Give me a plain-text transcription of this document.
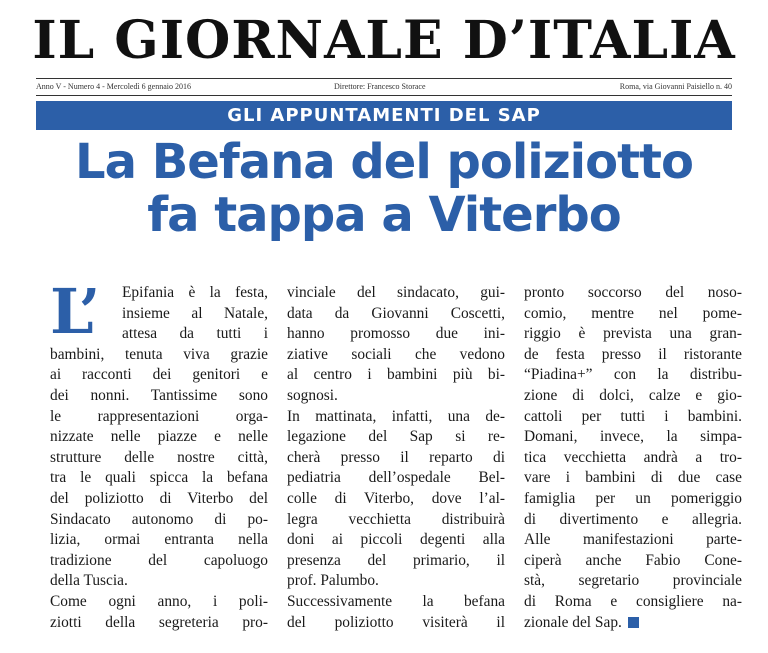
IL GIORNALE D’ITALIA
Anno V - Numero 4 - Mercoledì 6 gennaio 2016	Direttore: Francesco Storace	Roma, via Giovanni Paisiello n. 40
GLI APPUNTAMENTI DEL SAP
La Befana del poliziotto
fa tappa a Viterbo
L’	Epifania è la festa,
insieme al Natale,
attesa da tutti i
bambini, tenuta viva grazie
ai racconti dei genitori e
dei nonni. Tantissime sono
le rappresentazioni orga-
nizzate nelle piazze e nelle
strutture delle nostre città,
tra le quali spicca la befana
del poliziotto di Viterbo del
Sindacato autonomo di po-
lizia, ormai entranta nella
tradizione del capoluogo
della Tuscia.
Come ogni anno, i poli-
ziotti della segreteria pro-
vinciale del sindacato, gui-
data da Giovanni Coscetti,
hanno promosso due ini-
ziative sociali che vedono
al centro i bambini più bi-
sognosi.
In mattinata, infatti, una de-
legazione del Sap si re-
cherà presso il reparto di
pediatria dell’ospedale Bel-
colle di Viterbo, dove l’al-
legra vecchietta distribuirà
doni ai piccoli degenti alla
presenza del primario, il
prof. Palumbo.
Successivamente la befana
del poliziotto visiterà il
pronto soccorso del noso-
comio, mentre nel pome-
riggio è prevista una gran-
de festa presso il ristorante
“Piadina+” con la distribu-
zione di dolci, calze e gio-
cattoli per tutti i bambini.
Domani, invece, la simpa-
tica vecchietta andrà a tro-
vare i bambini di due case
famiglia per un pomeriggio
di divertimento e allegria.
Alle manifestazioni parte-
ciperà anche Fabio Cone-
stà, segretario provinciale
di Roma e consigliere na-
zionale del Sap.
